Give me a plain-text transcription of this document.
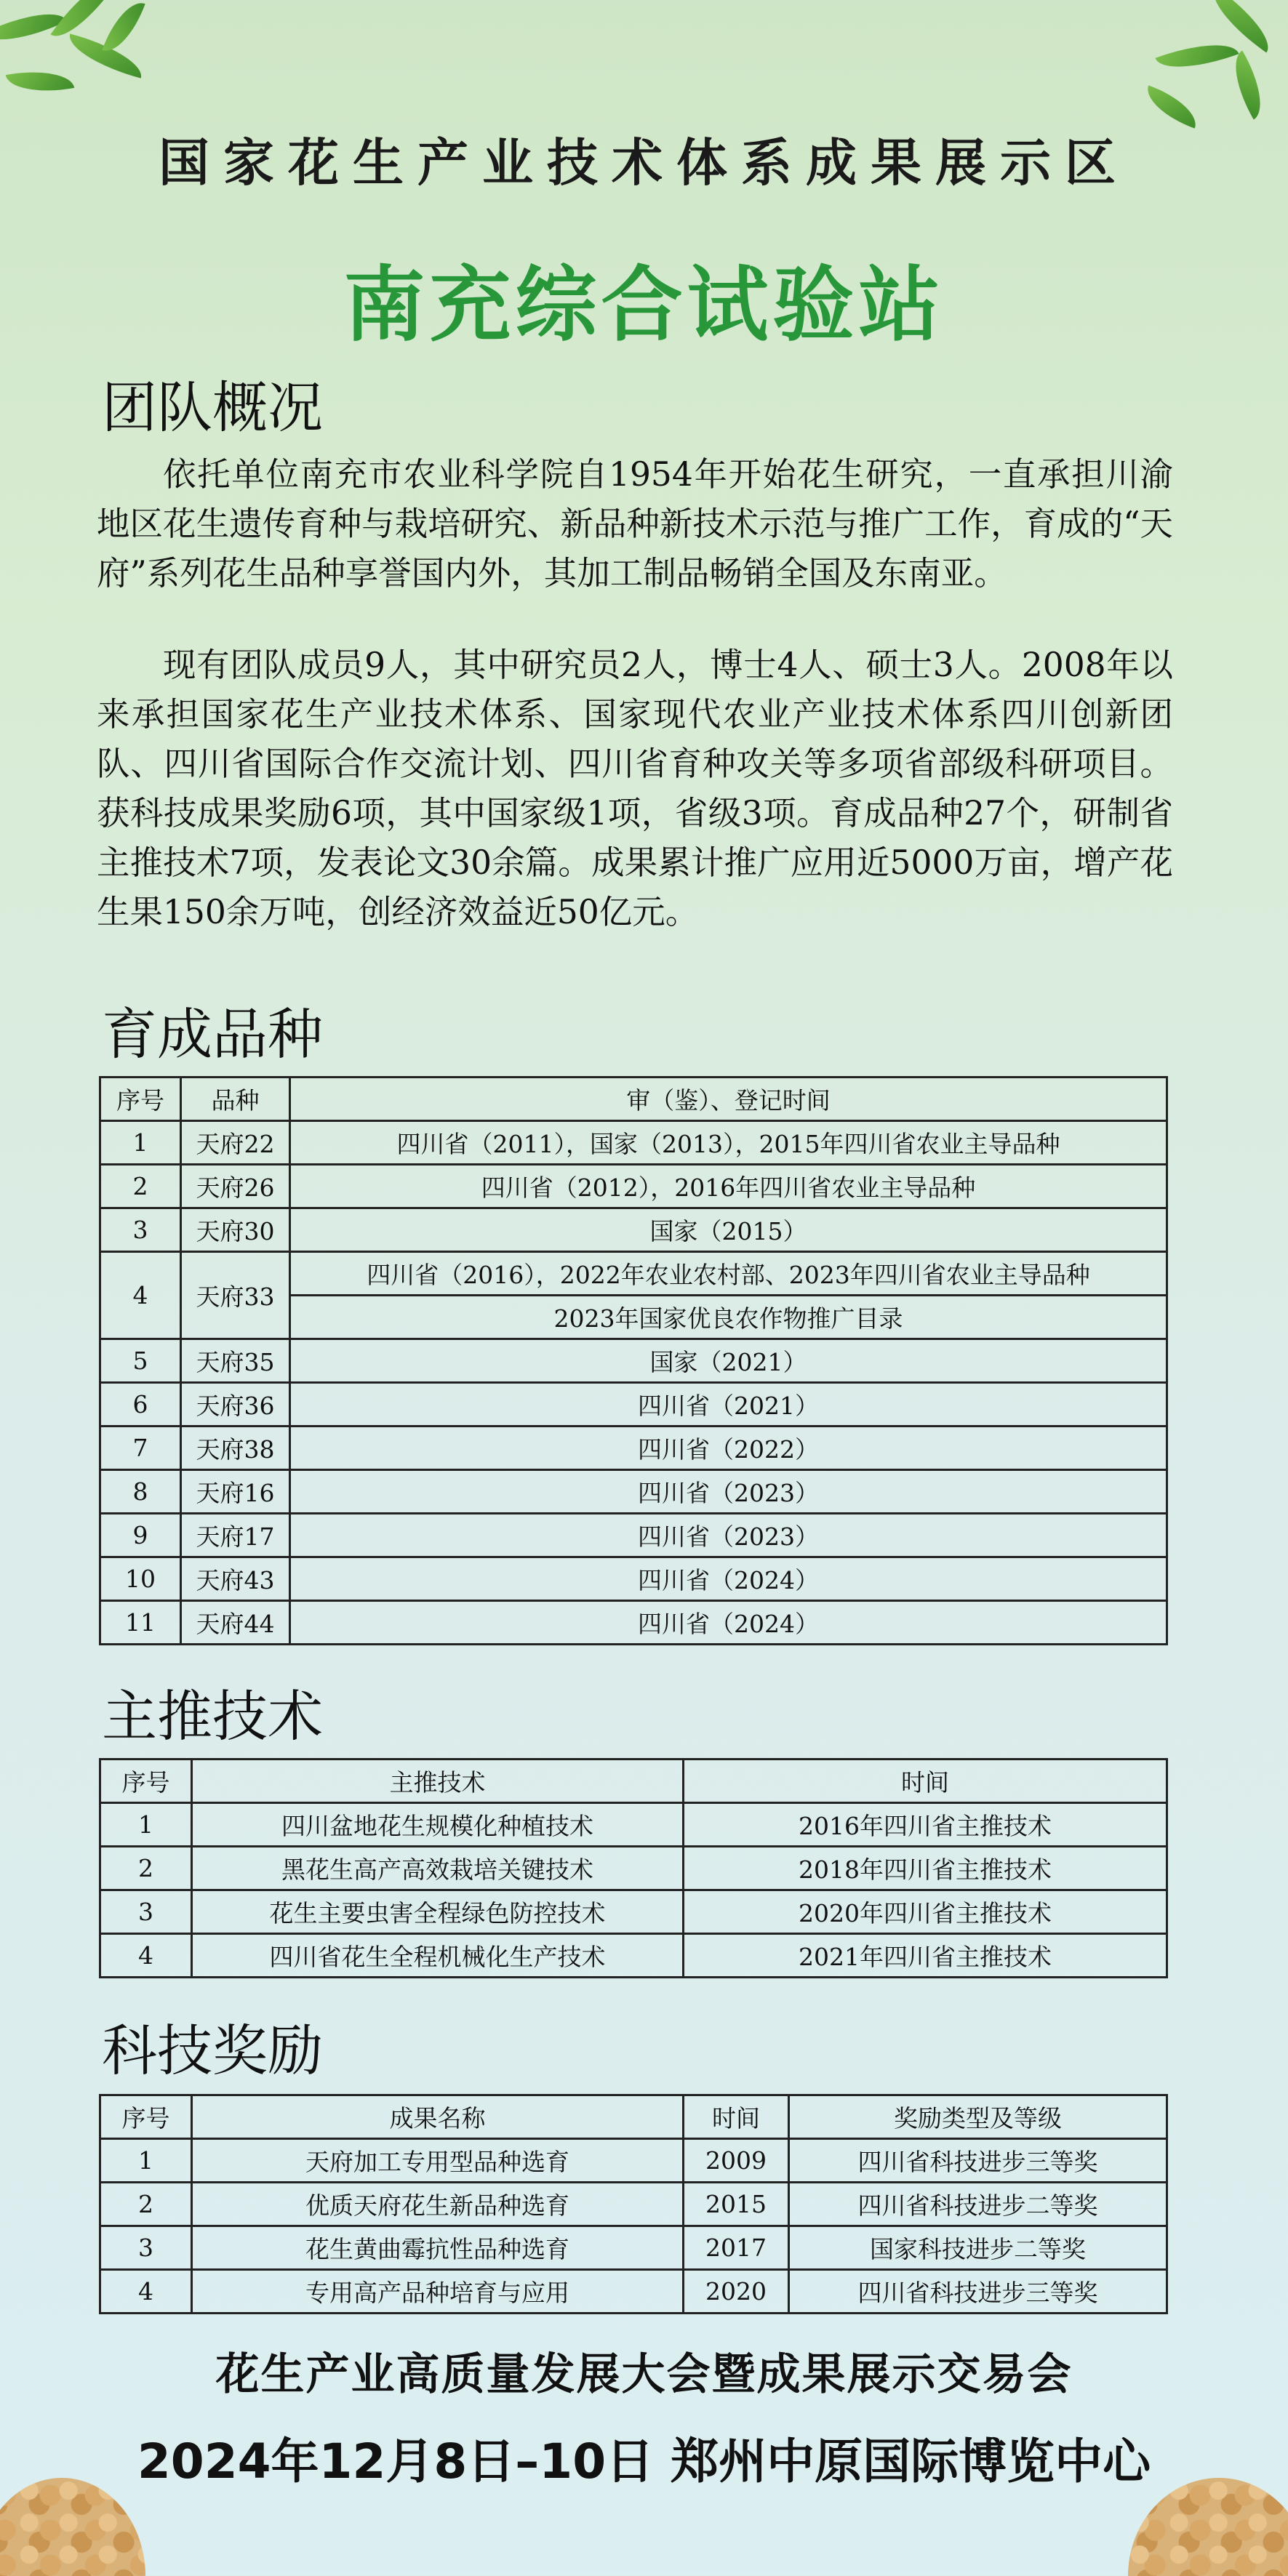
国家花生产业技术体系成果展示区
南充综合试验站
团队概况

依托单位南充市农业科学院自1954年开始花生研究，一直承担川渝地区花生遗传育种与栽培研究、新品种新技术示范与推广工作，育成的“天府”系列花生品种享誉国内外，其加工制品畅销全国及东南亚。

现有团队成员9人，其中研究员2人，博士4人、硕士3人。2008年以来承担国家花生产业技术体系、国家现代农业产业技术体系四川创新团队、四川省国际合作交流计划、四川省育种攻关等多项省部级科研项目。获科技成果奖励6项，其中国家级1项，省级3项。育成品种27个，研制省主推技术7项，发表论文30余篇。成果累计推广应用近5000万亩，增产花生果150余万吨，创经济效益近50亿元。

育成品种
序号	品种	审（鉴）、登记时间
1	天府22	四川省（2011），国家（2013），2015年四川省农业主导品种
2	天府26	四川省（2012），2016年四川省农业主导品种
3	天府30	国家（2015）
4	天府33	四川省（2016），2022年农业农村部、2023年四川省农业主导品种
		2023年国家优良农作物推广目录
5	天府35	国家（2021）
6	天府36	四川省（2021）
7	天府38	四川省（2022）
8	天府16	四川省（2023）
9	天府17	四川省（2023）
10	天府43	四川省（2024）
11	天府44	四川省（2024）
主推技术
序号	主推技术	时间
1	四川盆地花生规模化种植技术	2016年四川省主推技术
2	黑花生高产高效栽培关键技术	2018年四川省主推技术
3	花生主要虫害全程绿色防控技术	2020年四川省主推技术
4	四川省花生全程机械化生产技术	2021年四川省主推技术
科技奖励
序号	成果名称	时间	奖励类型及等级
1	天府加工专用型品种选育	2009	四川省科技进步三等奖
2	优质天府花生新品种选育	2015	四川省科技进步二等奖
3	花生黄曲霉抗性品种选育	2017	国家科技进步二等奖
4	专用高产品种培育与应用	2020	四川省科技进步三等奖
花生产业高质量发展大会暨成果展示交易会
2024年12月8日–10日 郑州中原国际博览中心
